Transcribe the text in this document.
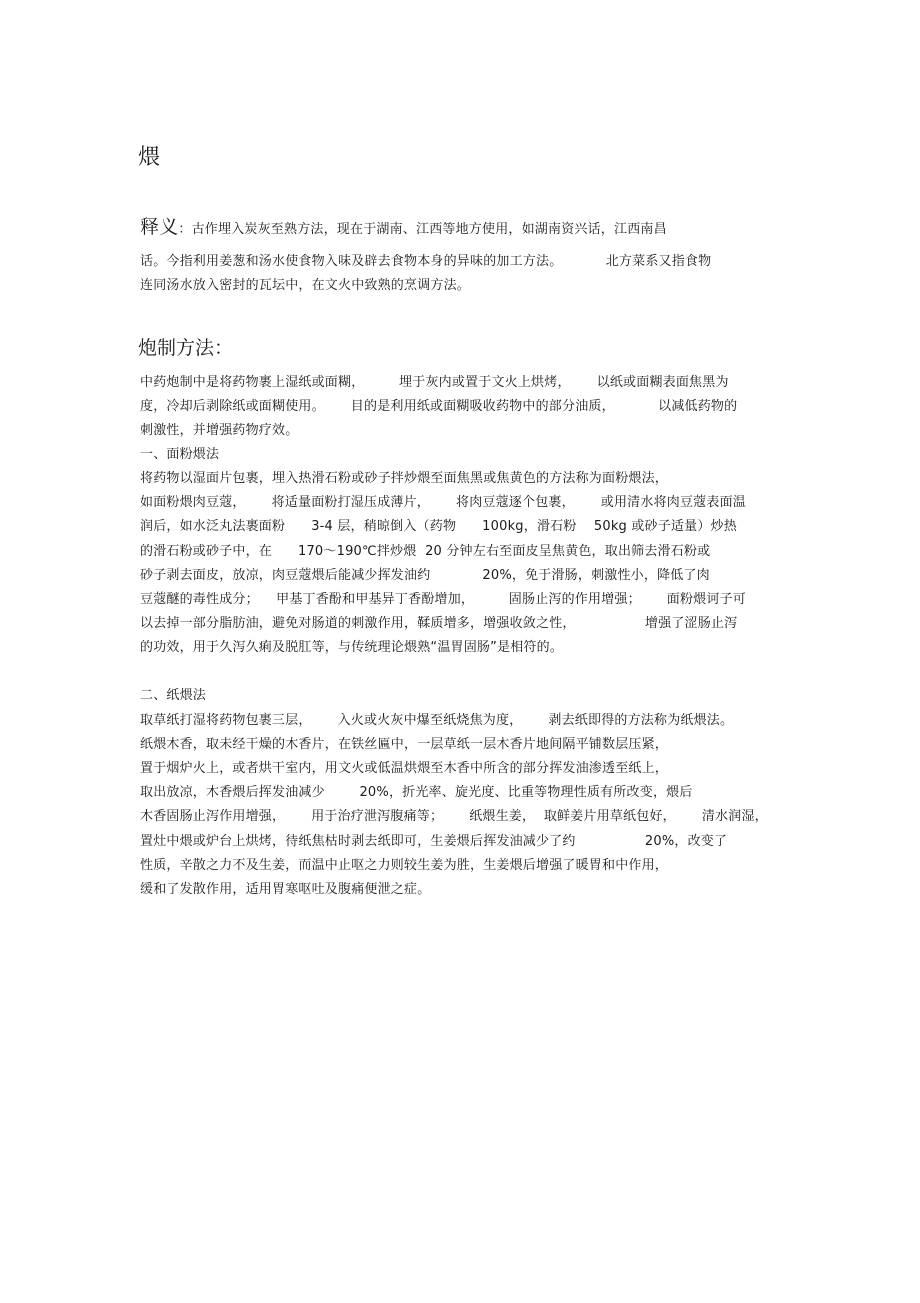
煨
释义：古作埋入炭灰至熟方法，现在于湖南、江西等地方使用，如湖南资兴话，江西南昌
话。今指利用姜葱和汤水使食物入味及辟去食物本身的异味的加工方法。          北方菜系又指食物
连同汤水放入密封的瓦坛中，在文火中致熟的烹调方法。
炮制方法：
中药炮制中是将药物裹上湿纸或面糊，        埋于灰内或置于文火上烘烤，      以纸或面糊表面焦黑为
度，冷却后剥除纸或面糊使用。      目的是利用纸或面糊吸收药物中的部分油质，          以减低药物的
刺激性，并增强药物疗效。
一、面粉煨法
将药物以湿面片包裹，埋入热滑石粉或砂子拌炒煨至面焦黑或焦黄色的方法称为面粉煨法，
如面粉煨肉豆蔻，      将适量面粉打湿压成薄片，      将肉豆蔻逐个包裹，      或用清水将肉豆蔻表面温
润后，如水泛丸法裹面粉      3-4 层，稍晾倒入（药物      100kg，滑石粉    50kg 或砂子适量）炒热
的滑石粉或砂子中，在      170～190℃拌炒煨  20 分钟左右至面皮呈焦黄色，取出筛去滑石粉或
砂子剥去面皮，放凉，肉豆蔻煨后能减少挥发油约            20%，免于滑肠，刺激性小，降低了肉
豆蔻醚的毒性成分；    甲基丁香酚和甲基异丁香酚增加，        固肠止泻的作用增强；      面粉煨诃子可
以去掉一部分脂肪油，避免对肠道的刺激作用，鞣质增多，增强收敛之性，                增强了涩肠止泻
的功效，用于久泻久痢及脱肛等，与传统理论煨熟“温胃固肠”是相符的。
二、纸煨法
取草纸打湿将药物包裹三层，      入火或火灰中爆至纸烧焦为度，      剥去纸即得的方法称为纸煨法。
纸煨木香，取未经干燥的木香片，在铁丝匾中，一层草纸一层木香片地间隔平铺数层压紧，
置于烟炉火上，或者烘干室内，用文火或低温烘煨至木香中所含的部分挥发油渗透至纸上，
取出放凉，木香煨后挥发油减少        20%，折光率、旋光度、比重等物理性质有所改变，煨后
木香固肠止泻作用增强，      用于治疗泄泻腹痛等；      纸煨生姜，  取鲜姜片用草纸包好，      清水润湿，
置灶中煨或炉台上烘烤，待纸焦枯时剥去纸即可，生姜煨后挥发油减少了约                20%，改变了
性质，辛散之力不及生姜，而温中止呕之力则较生姜为胜，生姜煨后增强了暖胃和中作用，
缓和了发散作用，适用胃寒呕吐及腹痛便泄之症。
